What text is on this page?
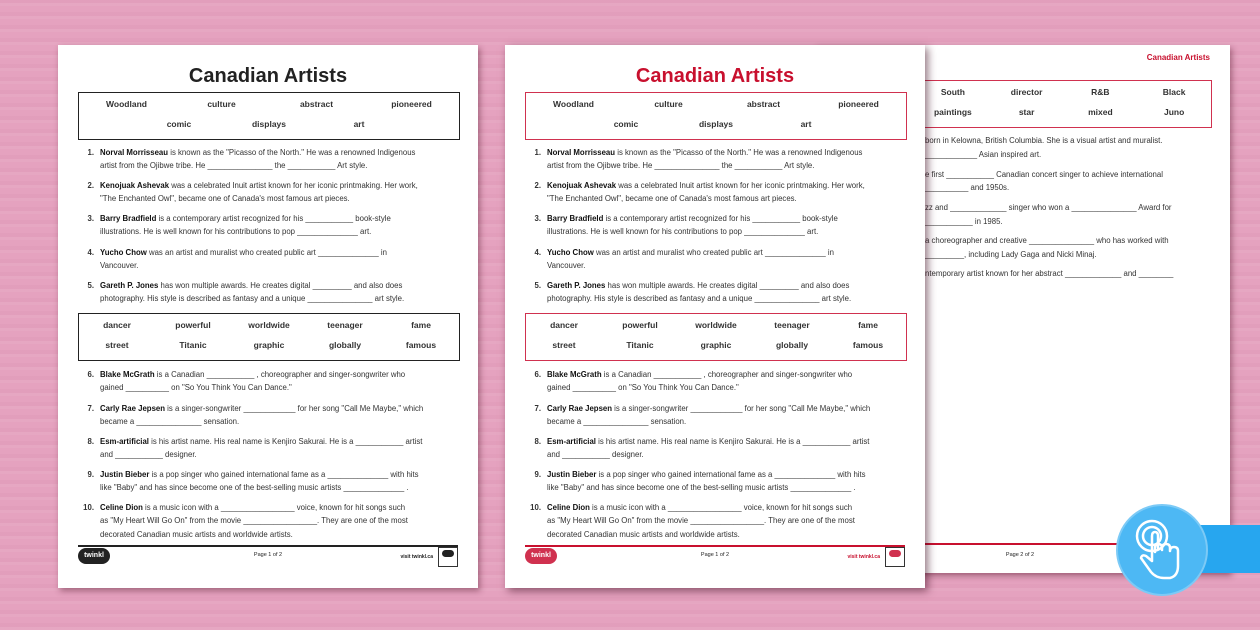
Canadian Artists
Woodland	culture	abstract	pioneered
comic	displays	art
dancer	powerful	worldwide	teenager	fame
street	Titanic	graphic	globally	famous
1. Norval Morrisseau is known as the "Picasso of the North." He was a renowned Indigenous
artist from the Ojibwe tribe. He _______________ the ___________ Art style.
2. Kenojuak Ashevak was a celebrated Inuit artist known for her iconic printmaking. Her work,
"The Enchanted Owl", became one of Canada's most famous art pieces.
3. Barry Bradfield is a contemporary artist recognized for his ___________ book-style
illustrations. He is well known for his contributions to pop ______________ art.
4. Yucho Chow was an artist and muralist who created public art ______________ in
Vancouver.
5. Gareth P. Jones has won multiple awards. He creates digital _________ and also does
photography. His style is described as fantasy and a unique _______________ art style.
6. Blake McGrath is a Canadian ___________ , choreographer and singer-songwriter who
gained __________ on "So You Think You Can Dance."
7. Carly Rae Jepsen is a singer-songwriter ____________ for her song "Call Me Maybe," which
became a _______________ sensation.
8. Esm-artificial is his artist name. His real name is Kenjiro Sakurai. He is a ___________ artist
and ___________ designer.
9. Justin Bieber is a pop singer who gained international fame as a ______________ with hits
like "Baby" and has since become one of the best-selling music artists ______________ .
10. Celine Dion is a music icon with a _________________ voice, known for hit songs such
as "My Heart Will Go On" from the movie _________________. They are one of the most
decorated Canadian music artists and worldwide artists.
twinkl	Page 1 of 2	visit twinkl.ca
Canadian Artists
Woodland	culture	abstract	pioneered
comic	displays	art
dancer	powerful	worldwide	teenager	fame
street	Titanic	graphic	globally	famous
1. Norval Morrisseau is known as the "Picasso of the North." He was a renowned Indigenous
artist from the Ojibwe tribe. He _______________ the ___________ Art style.
2. Kenojuak Ashevak was a celebrated Inuit artist known for her iconic printmaking. Her work,
"The Enchanted Owl", became one of Canada's most famous art pieces.
3. Barry Bradfield is a contemporary artist recognized for his ___________ book-style
illustrations. He is well known for his contributions to pop ______________ art.
4. Yucho Chow was an artist and muralist who created public art ______________ in
Vancouver.
5. Gareth P. Jones has won multiple awards. He creates digital _________ and also does
photography. His style is described as fantasy and a unique _______________ art style.
6. Blake McGrath is a Canadian ___________ , choreographer and singer-songwriter who
gained __________ on "So You Think You Can Dance."
7. Carly Rae Jepsen is a singer-songwriter ____________ for her song "Call Me Maybe," which
became a _______________ sensation.
8. Esm-artificial is his artist name. His real name is Kenjiro Sakurai. He is a ___________ artist
and ___________ designer.
9. Justin Bieber is a pop singer who gained international fame as a ______________ with hits
like "Baby" and has since become one of the best-selling music artists ______________ .
10. Celine Dion is a music icon with a _________________ voice, known for hit songs such
as "My Heart Will Go On" from the movie _________________. They are one of the most
decorated Canadian music artists and worldwide artists.
twinkl	Page 1 of 2	visit twinkl.ca
Canadian Artists
South	director	R&B	Black
paintings	star	mixed	Juno
born in Kelowna, British Columbia. She is a visual artist and muralist.
____________ Asian inspired art.
e first ___________ Canadian concert singer to achieve international
__________ and 1950s.
zz and _____________ singer who won a _______________ Award for
___________ in 1985.
a choreographer and creative _______________ who has worked with
_________, including Lady Gaga and Nicki Minaj.
ntemporary artist known for her abstract _____________ and ________
Page 2 of 2
